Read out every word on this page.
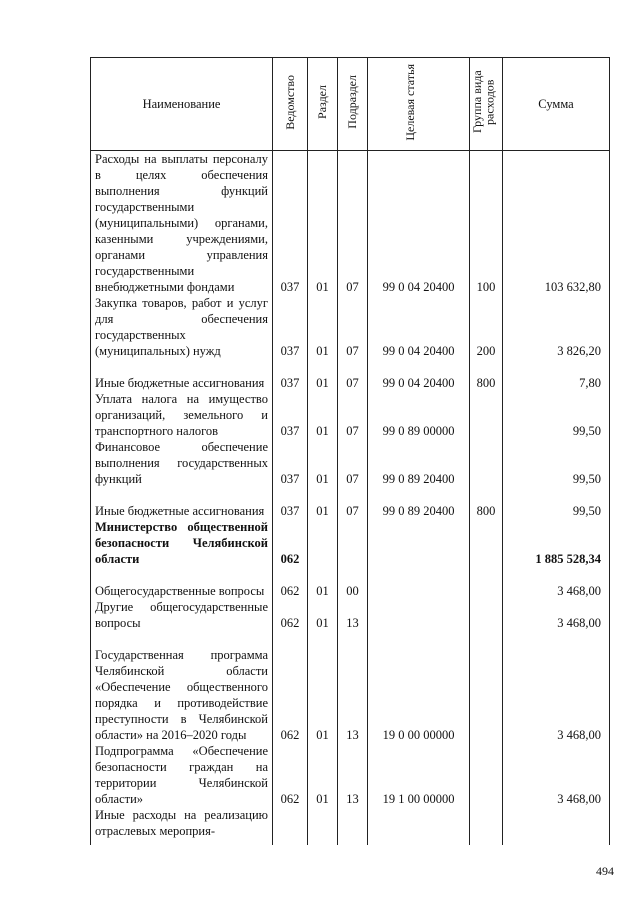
Наименование	Ведомство	Раздел	Подраздел	Целевая статья	Группа вида расходов	Сумма
Расходы на выплаты персоналу в целях обеспечения выполнения функций государственными (муниципальными) органами, казенными учреждениями, органами управления государственными внебюджетными фондами	037	01	07	99 0 04 20400	100	103 632,80
Закупка товаров, работ и услуг для обеспечения государственных (муниципальных) нужд	037	01	07	99 0 04 20400	200	3 826,20
Иные бюджетные ассигнования	037	01	07	99 0 04 20400	800	7,80
Уплата налога на имущество организаций, земельного и транспортного налогов	037	01	07	99 0 89 00000		99,50
Финансовое обеспечение выполнения государственных функций	037	01	07	99 0 89 20400		99,50
Иные бюджетные ассигнования	037	01	07	99 0 89 20400	800	99,50
Министерство общественной безопасности Челябинской области	062					1 885 528,34
Общегосударственные вопросы	062	01	00			3 468,00
Другие общегосударственные вопросы	062	01	13			3 468,00
Государственная программа Челябинской области «Обеспечение общественного порядка и противодействие преступности в Челябинской области» на 2016–2020 годы	062	01	13	19 0 00 00000		3 468,00
Подпрограмма «Обеспечение безопасности граждан на территории Челябинской области»	062	01	13	19 1 00 00000		3 468,00
Иные расходы на реализацию отраслевых мероприя-						
494
